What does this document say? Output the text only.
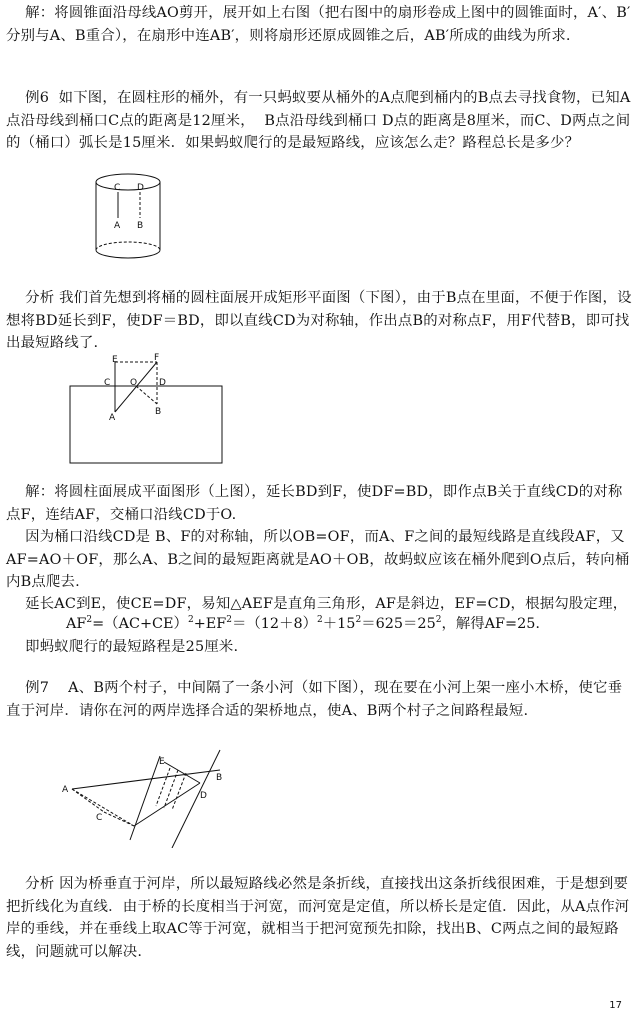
解：将圆锥面沿母线AO剪开，展开如上右图（把右图中的扇形卷成上图中的圆锥面时，A′、B′分别与A、B重合），在扇形中连AB′，则将扇形还原成圆锥之后，AB′所成的曲线为所求.
例6  如下图，在圆柱形的桶外，有一只蚂蚁要从桶外的A点爬到桶内的B点去寻找食物，已知A点沿母线到桶口C点的距离是12厘米，  B点沿母线到桶口 D点的距离是8厘米，而C、D两点之间的（桶口）弧长是15厘米．如果蚂蚁爬行的是最短路线，应该怎么走？路程总长是多少？
C D
A B
分析 我们首先想到将桶的圆柱面展开成矩形平面图（下图），由于B点在里面，不便于作图，设想将BD延长到F，使DF＝BD，即以直线CD为对称轴，作出点B的对称点F，用F代替B，即可找出最短路线了.
E	F
C O D
A
B
解：将圆柱面展成平面图形（上图），延长BD到F，使DF=BD，即作点B关于直线CD的对称点F，连结AF，交桶口沿线CD于O.
因为桶口沿线CD是 B、F的对称轴，所以OB=OF，而A、F之间的最短线路是直线段AF，又AF=AO＋OF，那么A、B之间的最短距离就是AO＋OB，故蚂蚁应该在桶外爬到O点后，转向桶内B点爬去.
延长AC到E，使CE=DF，易知△AEF是直角三角形，AF是斜边，EF=CD，根据勾股定理，
$AF^2=(AC+CE)^2+EF^2=(12+8)^2+15^2=625=25^2$，解得AF=25.
即蚂蚁爬行的最短路程是25厘米.
例7    A、B两个村子，中间隔了一条小河（如下图），现在要在小河上架一座小木桥，使它垂直于河岸．请你在河的两岸选择合适的架桥地点，使A、B两个村子之间路程最短.
A
B
C
D
E
分析 因为桥垂直于河岸，所以最短路线必然是条折线，直接找出这条折线很困难，于是想到要把折线化为直线．由于桥的长度相当于河宽，而河宽是定值，所以桥长是定值．因此，从A点作河岸的垂线，并在垂线上取AC等于河宽，就相当于把河宽预先扣除，找出B、C两点之间的最短路线，问题就可以解决.
17
